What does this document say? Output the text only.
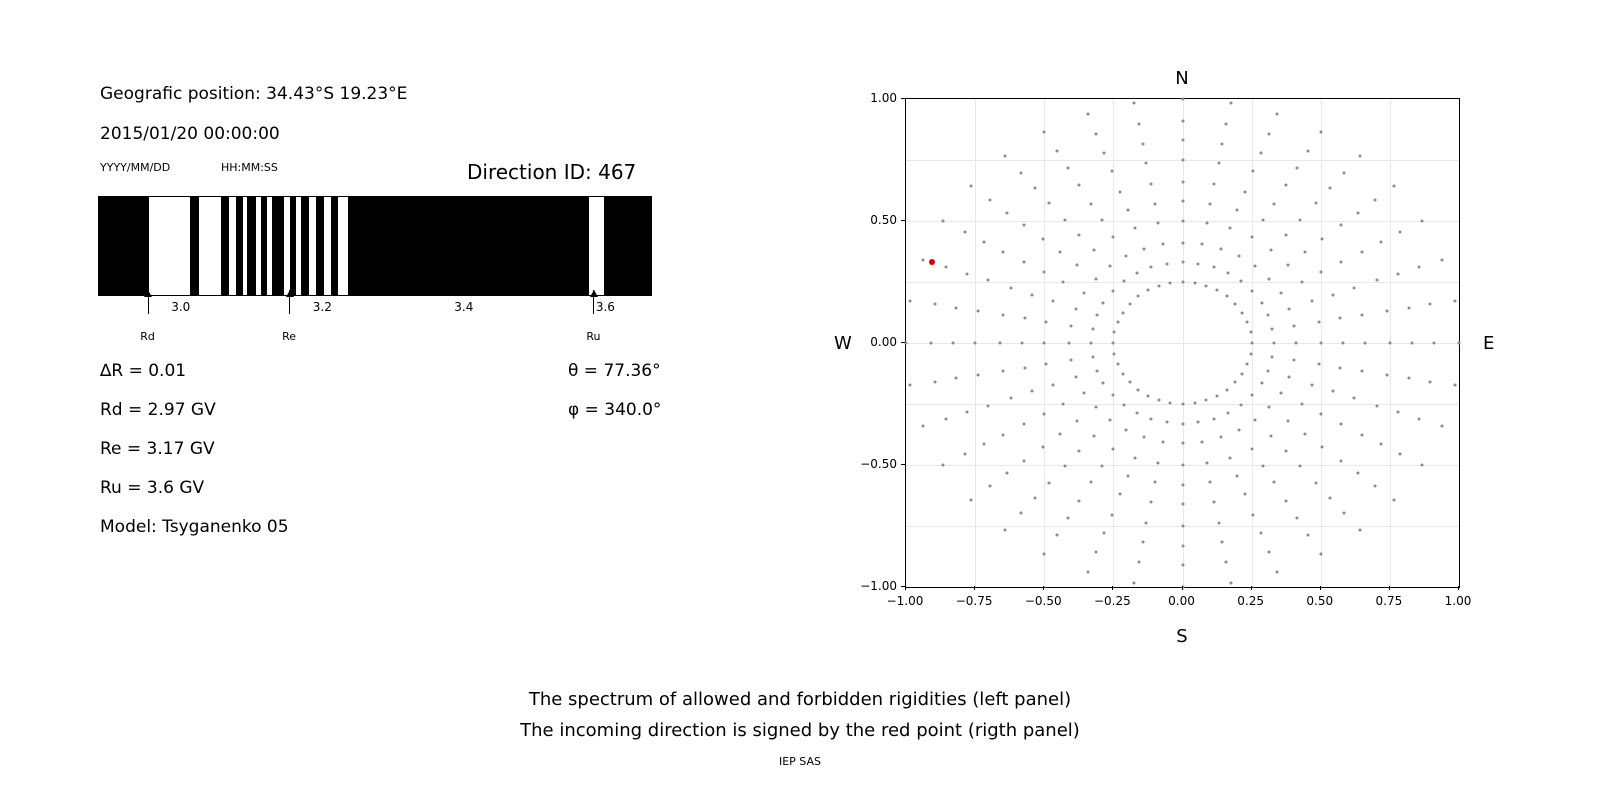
Geografic position: 34.43°S 19.23°E
2015/01/20 00:00:00
YYYY/MM/DD	HH:MM:SS	Direction ID: 467
3.0	3.2	3.4	3.6
Rd	Re	Ru
∆R = 0.01
Rd = 2.97 GV
Re = 3.17 GV
Ru = 3.6 GV
Model: Tsyganenko 05
θ = 77.36°
φ = 340.0°
N
S
W	E
−1.00	−0.75	−0.50	−0.25	0.00	0.25	0.50	0.75	1.00
−1.00
−0.50
0.00
0.50
1.00
The spectrum of allowed and forbidden rigidities (left panel)
The incoming direction is signed by the red point (rigth panel)
IEP SAS
